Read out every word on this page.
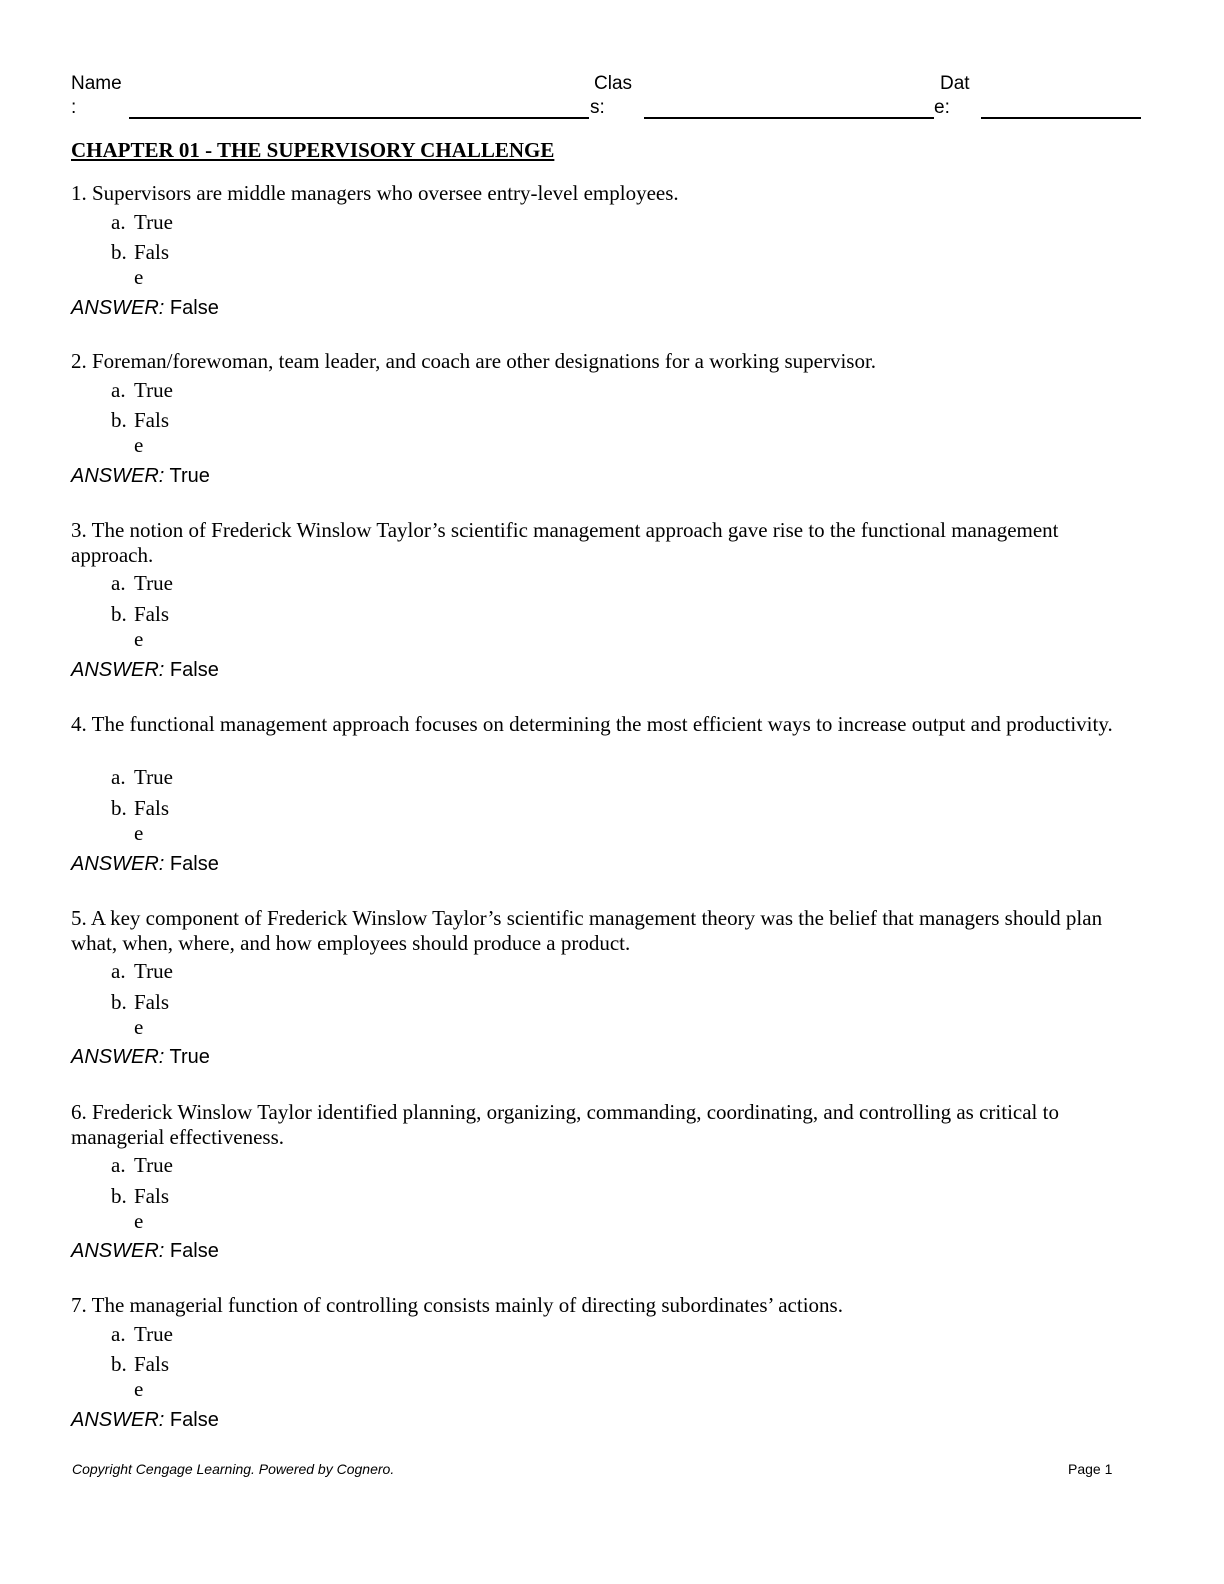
Name
:
Clas
s:
Dat
e:
CHAPTER 01 - THE SUPERVISORY CHALLENGE
1. Supervisors are middle managers who oversee entry-level employees.
a. True
b. Fals
e
ANSWER: False
2. Foreman/forewoman, team leader, and coach are other designations for a working supervisor.
a. True
b. Fals
e
ANSWER: True
3. The notion of Frederick Winslow Taylor’s scientific management approach gave rise to the functional management approach.
a. True
b. Fals
e
ANSWER: False
4. The functional management approach focuses on determining the most efficient ways to increase output and productivity.
a. True
b. Fals
e
ANSWER: False
5. A key component of Frederick Winslow Taylor’s scientific management theory was the belief that managers should plan what, when, where, and how employees should produce a product.
a. True
b. Fals
e
ANSWER: True
6. Frederick Winslow Taylor identified planning, organizing, commanding, coordinating, and controlling as critical to managerial effectiveness.
a. True
b. Fals
e
ANSWER: False
7. The managerial function of controlling consists mainly of directing subordinates’ actions.
a. True
b. Fals
e
ANSWER: False
Copyright Cengage Learning. Powered by Cognero.	Page 1
